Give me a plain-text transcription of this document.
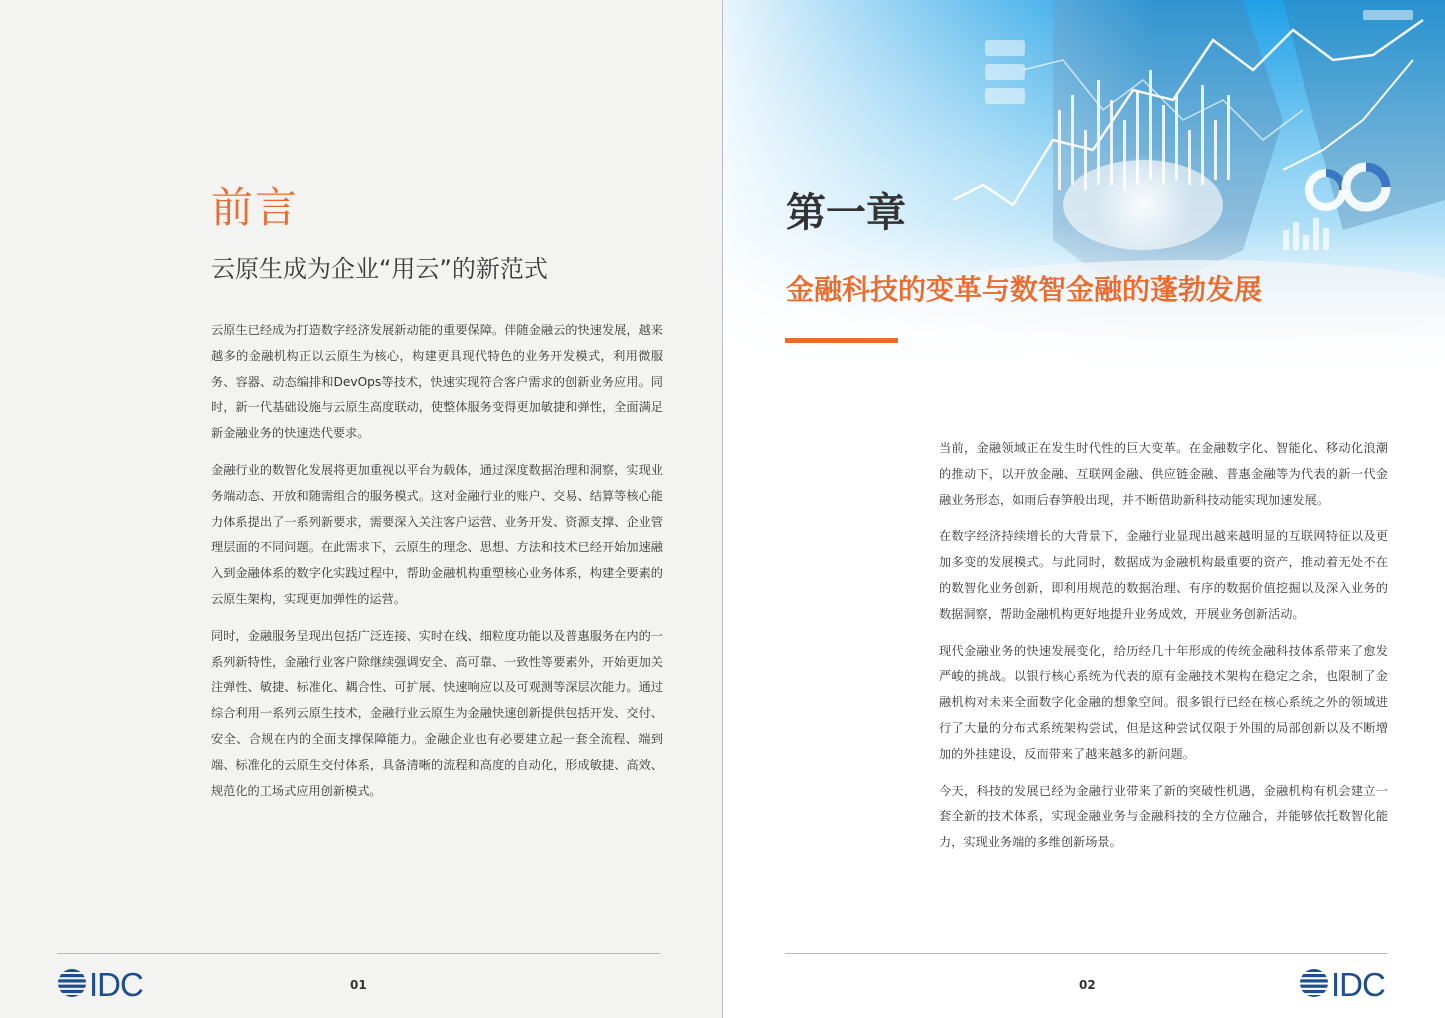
前言
云原生成为企业“用云”的新范式

云原生已经成为打造数字经济发展新动能的重要保障。伴随金融云的快速发展，越来越多的金融机构正以云原生为核心，构建更具现代特色的业务开发模式，利用微服务、容器、动态编排和DevOps等技术，快速实现符合客户需求的创新业务应用。同时，新一代基础设施与云原生高度联动，使整体服务变得更加敏捷和弹性，全面满足新金融业务的快速迭代要求。

金融行业的数智化发展将更加重视以平台为载体，通过深度数据治理和洞察，实现业务端动态、开放和随需组合的服务模式。这对金融行业的账户、交易、结算等核心能力体系提出了一系列新要求，需要深入关注客户运营、业务开发、资源支撑、企业管理层面的不同问题。在此需求下，云原生的理念、思想、方法和技术已经开始加速融入到金融体系的数字化实践过程中，帮助金融机构重塑核心业务体系，构建全要素的云原生架构，实现更加弹性的运营。

同时，金融服务呈现出包括广泛连接、实时在线、细粒度功能以及普惠服务在内的一系列新特性，金融行业客户除继续强调安全、高可靠、一致性等要素外，开始更加关注弹性、敏捷、标准化、耦合性、可扩展、快速响应以及可观测等深层次能力。通过综合利用一系列云原生技术，金融行业云原生为金融快速创新提供包括开发、交付、安全、合规在内的全面支撑保障能力。金融企业也有必要建立起一套全流程、端到端、标准化的云原生交付体系，具备清晰的流程和高度的自动化，形成敏捷、高效、规范化的工场式应用创新模式。

IDC	01
第一章
金融科技的变革与数智金融的蓬勃发展

当前，金融领域正在发生时代性的巨大变革。在金融数字化、智能化、移动化浪潮的推动下，以开放金融、互联网金融、供应链金融、普惠金融等为代表的新一代金融业务形态，如雨后春笋般出现，并不断借助新科技动能实现加速发展。

在数字经济持续增长的大背景下，金融行业显现出越来越明显的互联网特征以及更加多变的发展模式。与此同时，数据成为金融机构最重要的资产，推动着无处不在的数智化业务创新，即利用规范的数据治理、有序的数据价值挖掘以及深入业务的数据洞察，帮助金融机构更好地提升业务成效，开展业务创新活动。

现代金融业务的快速发展变化，给历经几十年形成的传统金融科技体系带来了愈发严峻的挑战。以银行核心系统为代表的原有金融技术架构在稳定之余，也限制了金融机构对未来全面数字化金融的想象空间。很多银行已经在核心系统之外的领域进行了大量的分布式系统架构尝试，但是这种尝试仅限于外围的局部创新以及不断增加的外挂建设，反而带来了越来越多的新问题。

今天，科技的发展已经为金融行业带来了新的突破性机遇，金融机构有机会建立一套全新的技术体系，实现金融业务与金融科技的全方位融合，并能够依托数智化能力，实现业务端的多维创新场景。

02	IDC
